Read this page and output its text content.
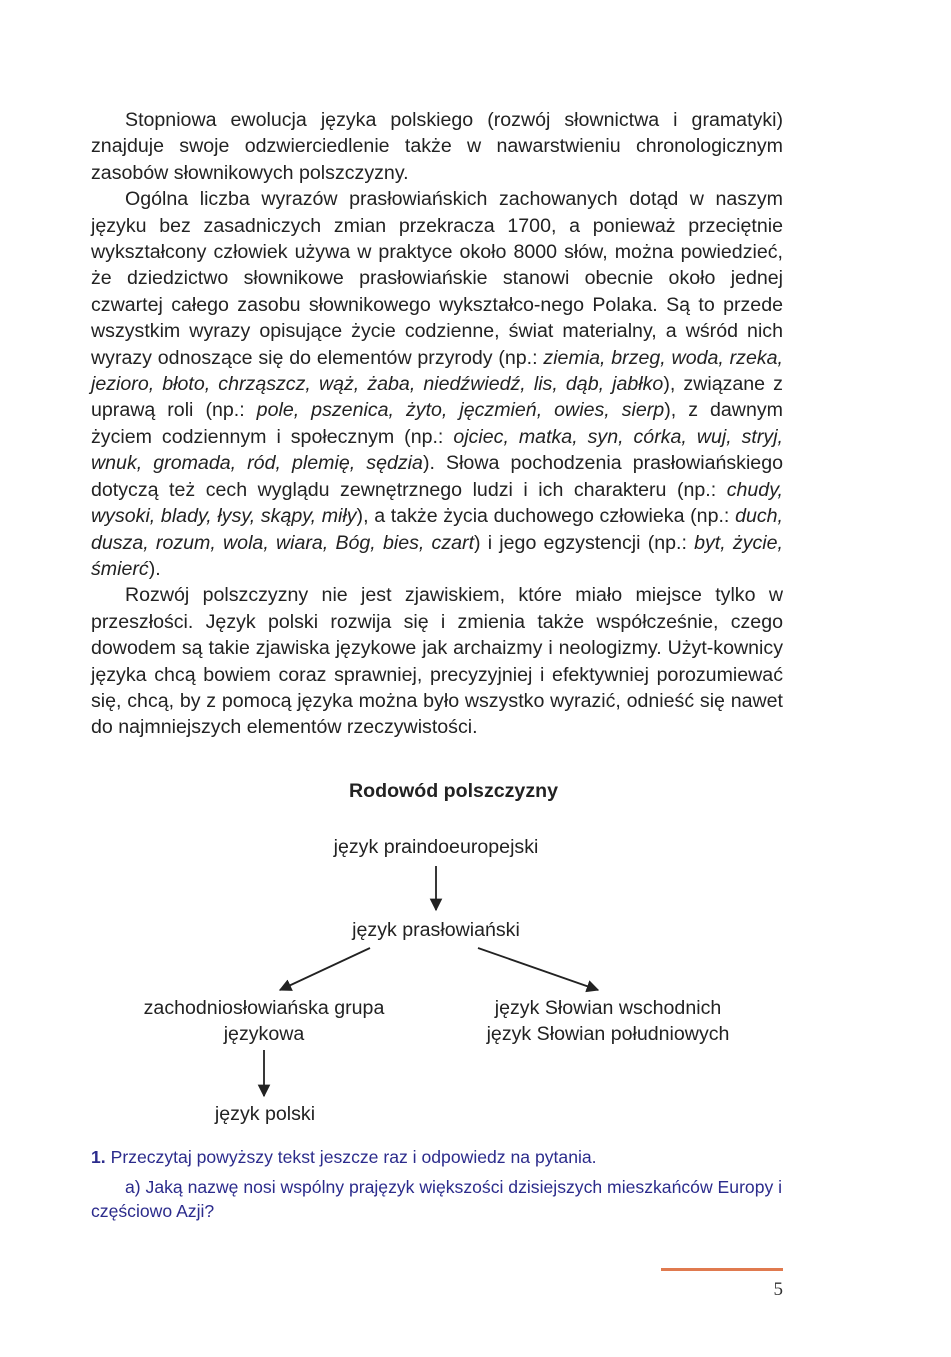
Stopniowa ewolucja języka polskiego (rozwój słownictwa i gramatyki) znajduje swoje odzwierciedlenie także w nawarstwieniu chronologicznym zasobów słownikowych polszczyzny.

Ogólna liczba wyrazów prasłowiańskich zachowanych dotąd w naszym języku bez zasadniczych zmian przekracza 1700, a ponieważ przeciętnie wykształcony człowiek używa w praktyce około 8000 słów, można powiedzieć, że dziedzictwo słownikowe prasłowiańskie stanowi obecnie około jednej czwartej całego zasobu słownikowego wykształco-nego Polaka. Są to przede wszystkim wyrazy opisujące życie codzienne, świat materialny, a wśród nich wyrazy odnoszące się do elementów przyrody (np.: ziemia, brzeg, woda, rzeka, jezioro, błoto, chrząszcz, wąż, żaba, niedźwiedź, lis, dąb, jabłko), związane z uprawą roli (np.: pole, pszenica, żyto, jęczmień, owies, sierp), z dawnym życiem codziennym i społecznym (np.: ojciec, matka, syn, córka, wuj, stryj, wnuk, gromada, ród, plemię, sędzia). Słowa pochodzenia prasłowiańskiego dotyczą też cech wyglądu zewnętrznego ludzi i ich charakteru (np.: chudy, wysoki, blady, łysy, skąpy, miły), a także życia duchowego człowieka (np.: duch, dusza, rozum, wola, wiara, Bóg, bies, czart) i jego egzystencji (np.: byt, życie, śmierć).

Rozwój polszczyzny nie jest zjawiskiem, które miało miejsce tylko w przeszłości. Język polski rozwija się i zmienia także współcześnie, czego dowodem są takie zjawiska językowe jak archaizmy i neologizmy. Użyt-kownicy języka chcą bowiem coraz sprawniej, precyzyjniej i efektywniej porozumiewać się, chcą, by z pomocą języka można było wszystko wyrazić, odnieść się nawet do najmniejszych elementów rzeczywistości.

Rodowód polszczyzny
język praindoeuropejski
język prasłowiański
zachodniosłowiańska grupa
językowa
język Słowian wschodnich
język Słowian południowych
język polski
1. Przeczytaj powyższy tekst jeszcze raz i odpowiedz na pytania.
a) Jaką nazwę nosi wspólny prajęzyk większości dzisiejszych mieszkańców Europy i częściowo Azji?
5
